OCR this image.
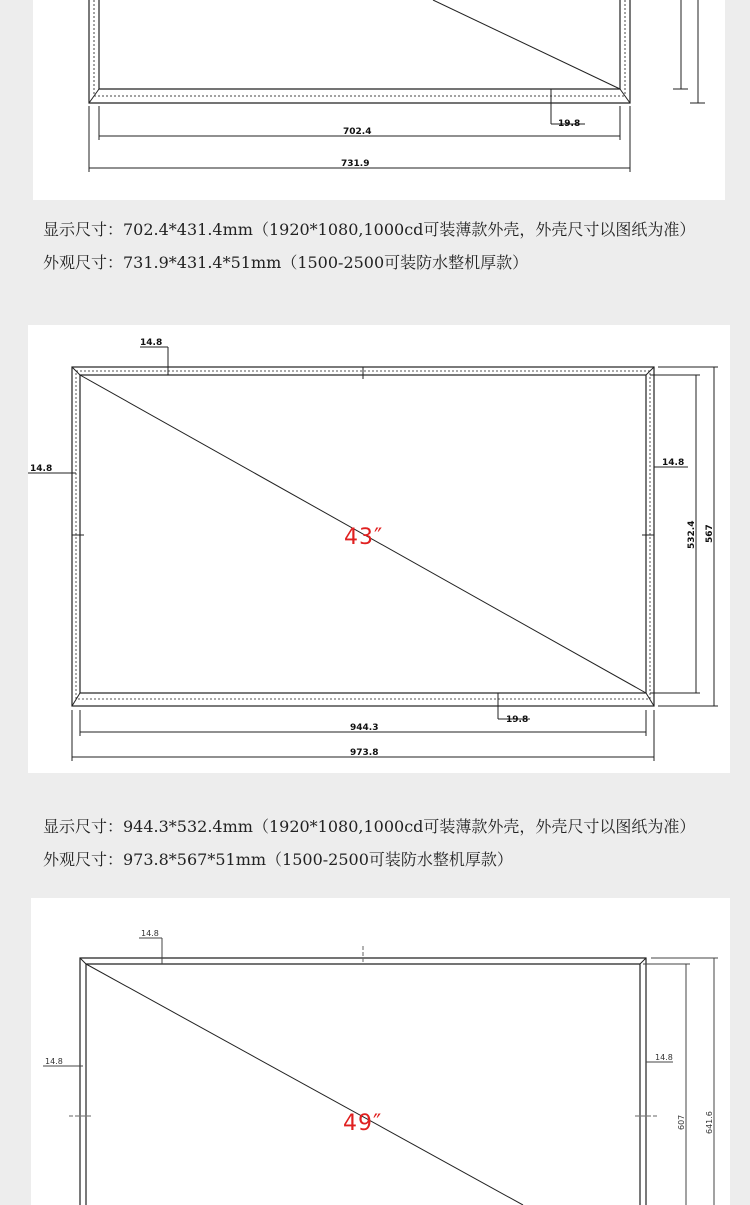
19.8
702.4
731.9
显示尺寸：702.4*431.4mm（1920*1080,1000cd可装薄款外壳，外壳尺寸以图纸为准）
外观尺寸：731.9*431.4*51mm（1500-2500可装防水整机厚款）
43″
14.8
14.8
14.8
532.4 567
19.8
944.3
973.8
显示尺寸：944.3*532.4mm（1920*1080,1000cd可装薄款外壳，外壳尺寸以图纸为准）
外观尺寸：973.8*567*51mm（1500-2500可装防水整机厚款）
49″
14.8
14.8	14.8
607 641.6
